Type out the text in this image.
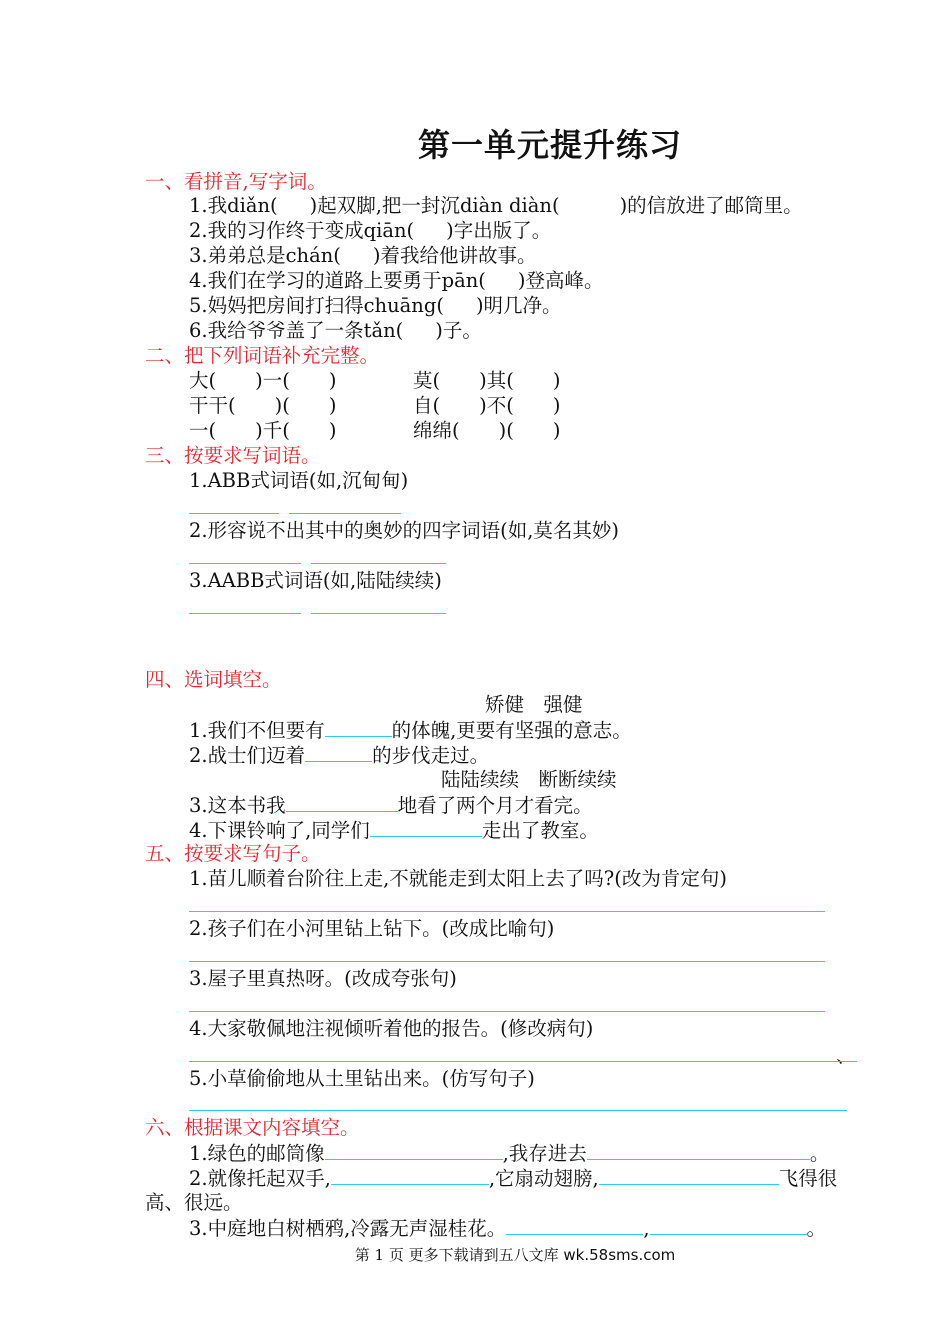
第一单元提升练习
一、看拼音,写字词。
1.我diǎn( )起双脚,把一封沉diàn diàn(	)的信放进了邮筒里。
2.我的习作终于变成qiān( )字出版了。
3.弟弟总是chán( )着我给他讲故事。
4.我们在学习的道路上要勇于pān( )登高峰。
5.妈妈把房间打扫得chuāng( )明几净。
6.我给爷爷盖了一条tǎn( )子。
二、把下列词语补充完整。
大(　　)一(　　)	莫(　　)其(　　)
干干(　　)(　　)	自(　　)不(　　)
一(　　)千(　　)	绵绵(　　)(　　)
三、按要求写词语。
1.ABB式词语(如,沉甸甸)
2.形容说不出其中的奥妙的四字词语(如,莫名其妙)
3.AABB式词语(如,陆陆续续)
四、选词填空。
矫健　强健
1.我们不但要有	的体魄,更要有坚强的意志。
2.战士们迈着	的步伐走过。
陆陆续续　断断续续
3.这本书我	地看了两个月才看完。
4.下课铃响了,同学们	走出了教室。
五、按要求写句子。
1.苗儿顺着台阶往上走,不就能走到太阳上去了吗?(改为肯定句)
2.孩子们在小河里钻上钻下。(改成比喻句)
3.屋子里真热呀。(改成夸张句)
4.大家敬佩地注视倾听着他的报告。(修改病句)
、
5.小草偷偷地从土里钻出来。(仿写句子)
六、根据课文内容填空。
1.绿色的邮筒像	,我存进去	。
2.就像托起双手,	,它扇动翅膀,	飞得很
高、很远。
3.中庭地白树栖鸦,冷露无声湿桂花。	,	。
第 1 页 更多下载请到五八文库 wk.58sms.com
